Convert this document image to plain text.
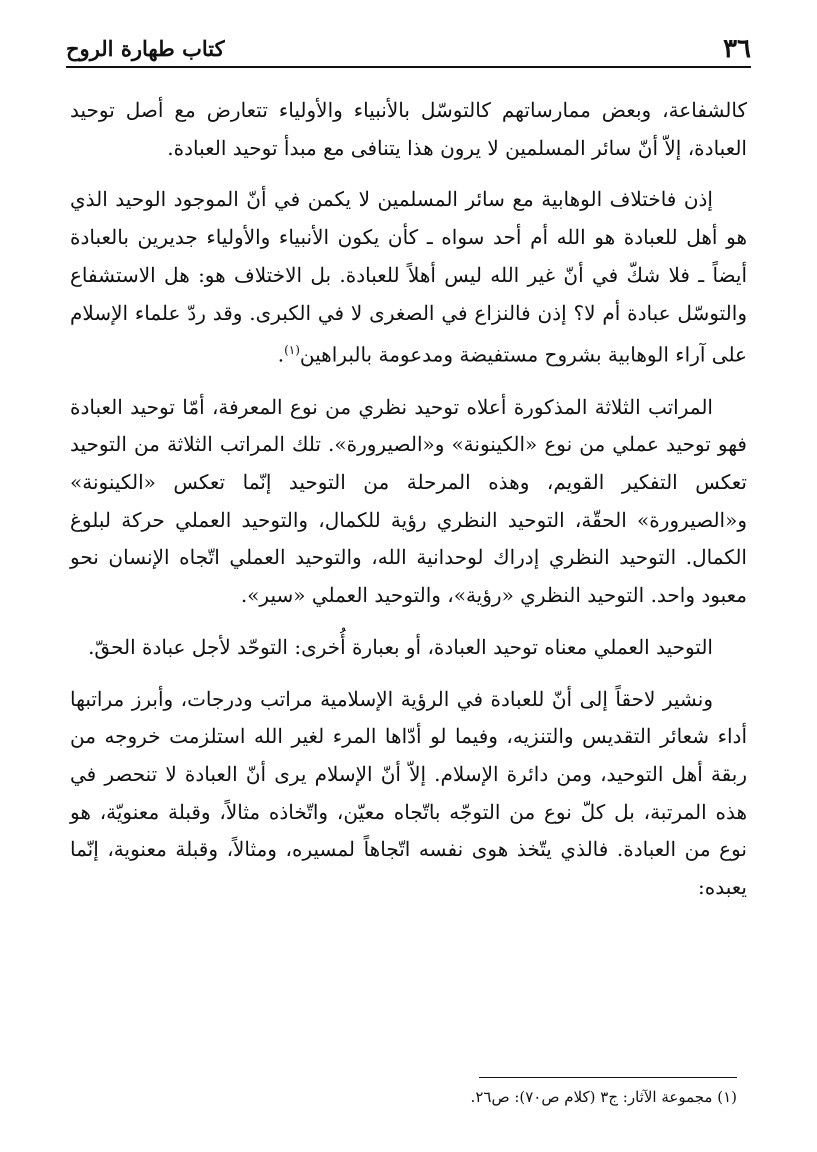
٣٦
كتاب طهارة الروح

كالشفاعة، وبعض ممارساتهم كالتوسّل بالأنبياء والأولياء تتعارض مع أصل توحيد العبادة، إلاّ أنّ سائر المسلمين لا يرون هذا يتنافى مع مبدأ توحيد العبادة.

إذن فاختلاف الوهابية مع سائر المسلمين لا يكمن في أنّ الموجود الوحيد الذي هو أهل للعبادة هو الله أم أحد سواه ـ كأن يكون الأنبياء والأولياء جديرين بالعبادة أيضاً ـ فلا شكّ في أنّ غير الله ليس أهلاً للعبادة. بل الاختلاف هو: هل الاستشفاع والتوسّل عبادة أم لا؟ إذن فالنزاع في الصغرى لا في الكبرى. وقد ردّ علماء الإسلام على آراء الوهابية بشروح مستفيضة ومدعومة بالبراهين$^{(١)}$.

المراتب الثلاثة المذكورة أعلاه توحيد نظري من نوع المعرفة، أمّا توحيد العبادة فهو توحيد عملي من نوع «الكينونة» و«الصيرورة». تلك المراتب الثلاثة من التوحيد تعكس التفكير القويم، وهذه المرحلة من التوحيد إنّما تعكس «الكينونة» و«الصيرورة» الحقّة، التوحيد النظري رؤية للكمال، والتوحيد العملي حركة لبلوغ الكمال. التوحيد النظري إدراك لوحدانية الله، والتوحيد العملي اتّجاه الإنسان نحو معبود واحد. التوحيد النظري «رؤية»، والتوحيد العملي «سير».

التوحيد العملي معناه توحيد العبادة، أو بعبارة أُخرى: التوحّد لأجل عبادة الحقّ.

ونشير لاحقاً إلى أنّ للعبادة في الرؤية الإسلامية مراتب ودرجات، وأبرز مراتبها أداء شعائر التقديس والتنزيه، وفيما لو أدّاها المرء لغير الله استلزمت خروجه من ربقة أهل التوحيد، ومن دائرة الإسلام. إلاّ أنّ الإسلام يرى أنّ العبادة لا تنحصر في هذه المرتبة، بل كلّ نوع من التوجّه باتّجاه معيّن، واتّخاذه مثالاً، وقبلة معنويّة، هو نوع من العبادة. فالذي يتّخذ هوى نفسه اتّجاهاً لمسيره، ومثالاً، وقبلة معنوية، إنّما يعبده:

(١) مجموعة الآثار: ج٣ (كلام ص٧٠): ص٢٦.
